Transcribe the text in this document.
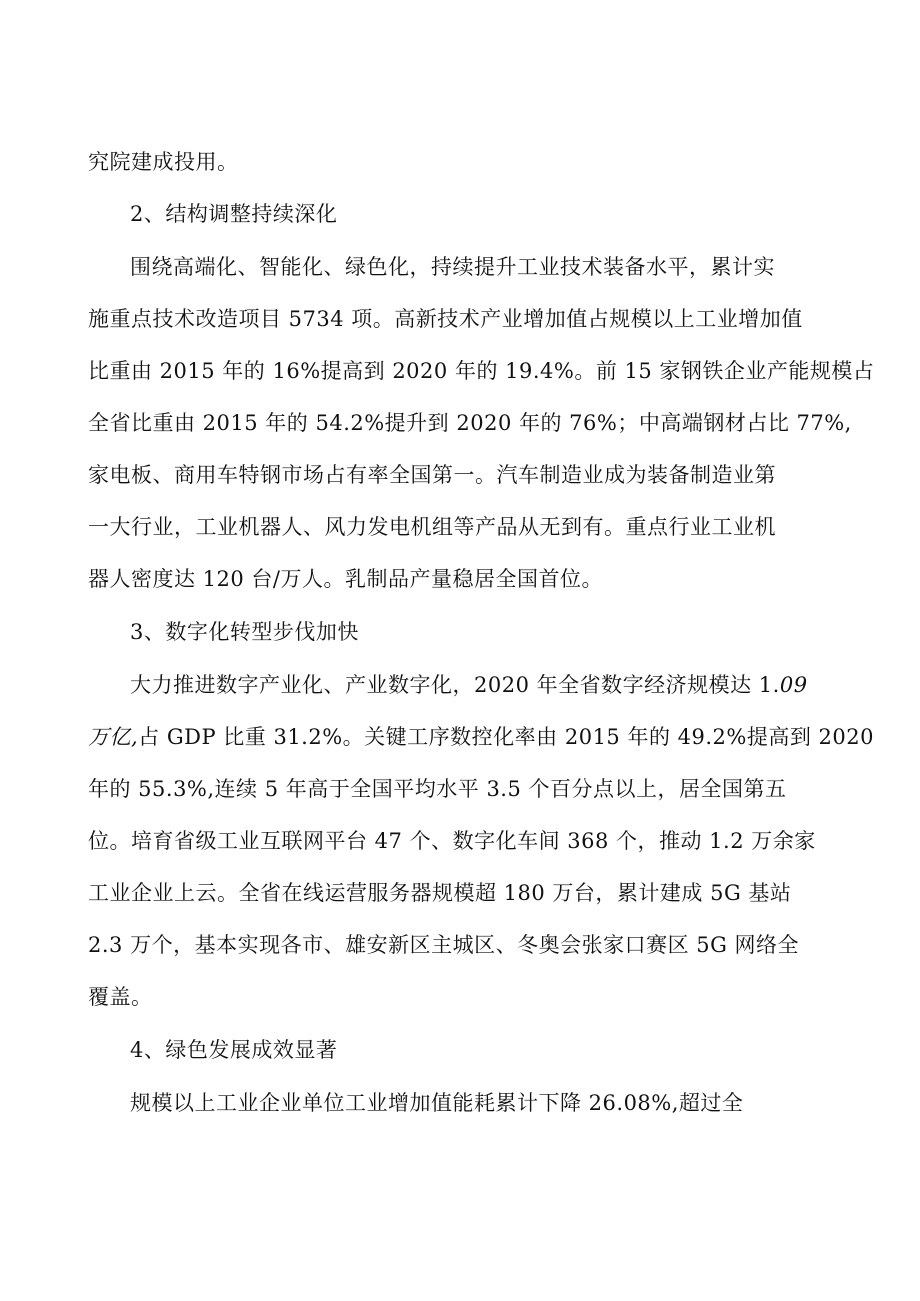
究院建成投用。
2、结构调整持续深化
围绕高端化、智能化、绿色化，持续提升工业技术装备水平，累计实
施重点技术改造项目 5734 项。高新技术产业增加值占规模以上工业增加值
比重由 2015 年的 16%提高到 2020 年的 19.4%。前 15 家钢铁企业产能规模占
全省比重由 2015 年的 54.2%提升到 2020 年的 76%；中高端钢材占比 77%,
家电板、商用车特钢市场占有率全国第一。汽车制造业成为装备制造业第
一大行业，工业机器人、风力发电机组等产品从无到有。重点行业工业机
器人密度达 120 台/万人。乳制品产量稳居全国首位。
3、数字化转型步伐加快
大力推进数字产业化、产业数字化，2020 年全省数字经济规模达 1.09
万亿,占 GDP 比重 31.2%。关键工序数控化率由 2015 年的 49.2%提高到 2020
年的 55.3%,连续 5 年高于全国平均水平 3.5 个百分点以上，居全国第五
位。培育省级工业互联网平台 47 个、数字化车间 368 个，推动 1.2 万余家
工业企业上云。全省在线运营服务器规模超 180 万台，累计建成 5G 基站
2.3 万个，基本实现各市、雄安新区主城区、冬奥会张家口赛区 5G 网络全
覆盖。
4、绿色发展成效显著
规模以上工业企业单位工业增加值能耗累计下降 26.08%,超过全
